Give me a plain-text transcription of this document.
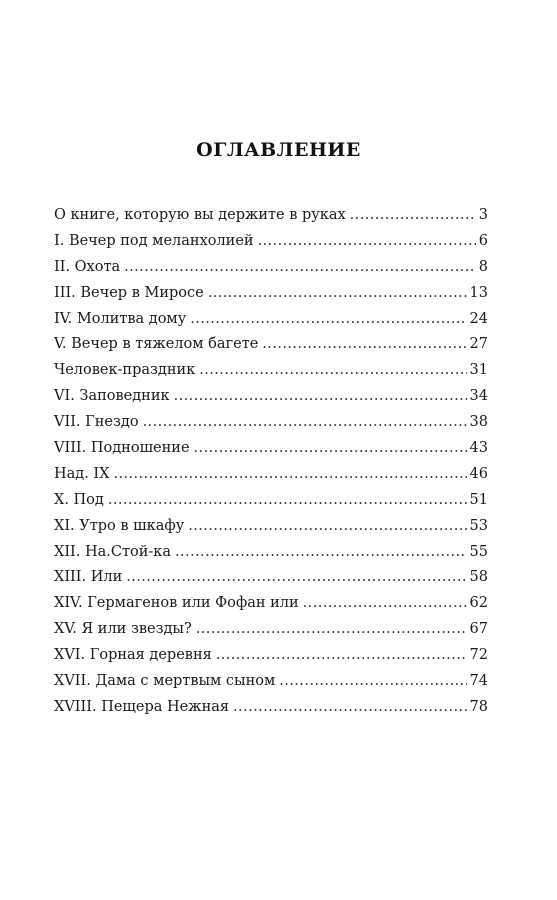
ОГЛАВЛЕНИЕ
О книге, которую вы держите в руках .....	3
I. Вечер под меланхолией .....	6
II. Охота .....	8
III. Вечер в Миросе .....	13
IV. Молитва дому .....	24
V. Вечер в тяжелом багете .....	27
Человек-праздник .....	31
VI. Заповедник .....	34
VII. Гнездо .....	38
VIII. Подношение .....	43
Над. IX .....	46
X. Под .....	51
XI. Утро в шкафу .....	53
XII. На.Стой-ка .....	55
XIII. Или .....	58
XIV. Гермагенов или Фофан или .....	62
XV. Я или звезды? .....	67
XVI. Горная деревня .....	72
XVII. Дама с мертвым сыном .....	74
XVIII. Пещера Нежная .....	78
